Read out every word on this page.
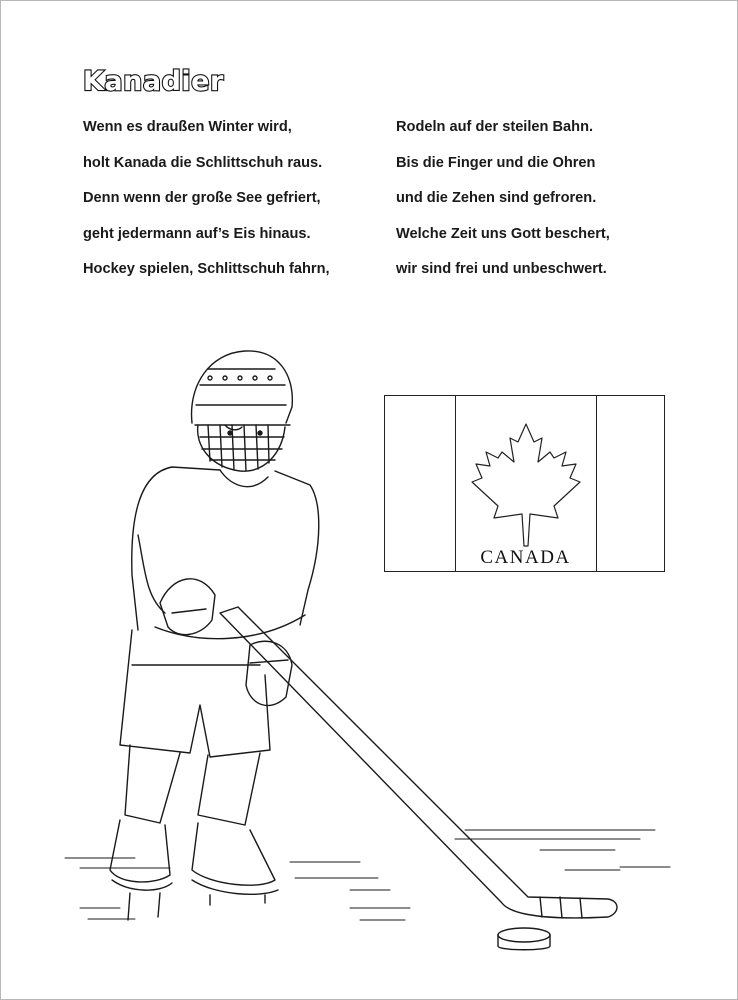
Kanadier
Wenn es draußen Winter wird,
holt Kanada die Schlittschuh raus.
Denn wenn der große See gefriert,
geht jedermann auf’s Eis hinaus.
Hockey spielen, Schlittschuh fahrn,
Rodeln auf der steilen Bahn.
Bis die Finger und die Ohren
und die Zehen sind gefroren.
Welche Zeit uns Gott beschert,
wir sind frei und unbeschwert.
CANADA
